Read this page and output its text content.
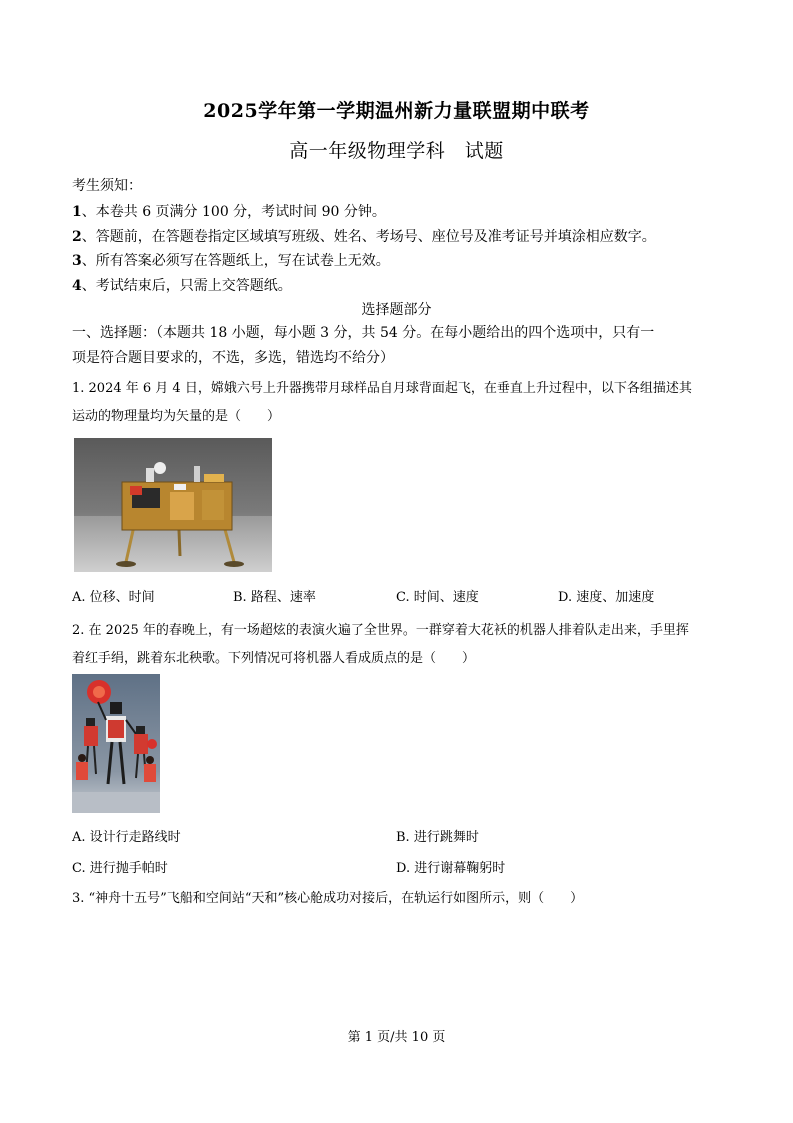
2025学年第一学期温州新力量联盟期中联考
高一年级物理学科　试题
考生须知：
1、本卷共 6 页满分 100 分，考试时间 90 分钟。
2、答题前，在答题卷指定区域填写班级、姓名、考场号、座位号及准考证号并填涂相应数字。
3、所有答案必须写在答题纸上，写在试卷上无效。
4、考试结束后，只需上交答题纸。
选择题部分
一、选择题：（本题共 18 小题，每小题 3 分，共 54 分。在每小题给出的四个选项中，只有一
项是符合题目要求的，不选，多选，错选均不给分）
1. 2024 年 6 月 4 日，嫦娥六号上升器携带月球样品自月球背面起飞，在垂直上升过程中，以下各组描述其
运动的物理量均为矢量的是（　　）
A. 位移、时间	B. 路程、速率	C. 时间、速度	D. 速度、加速度
2. 在 2025 年的春晚上，有一场超炫的表演火遍了全世界。一群穿着大花袄的机器人排着队走出来，手里挥
着红手绢，跳着东北秧歌。下列情况可将机器人看成质点的是（　　）
A. 设计行走路线时	B. 进行跳舞时
C. 进行抛手帕时	D. 进行谢幕鞠躬时
3. “神舟十五号”飞船和空间站“天和”核心舱成功对接后，在轨运行如图所示，则（　　）
第 1 页/共 10 页
